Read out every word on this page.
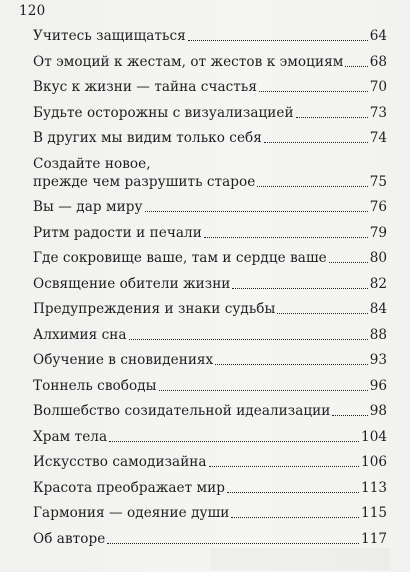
120
Учитесь защищаться	64
От эмоций к жестам, от жестов к эмоциям 68
Вкус к жизни — тайна счастья	70
Будьте осторожны с визуализацией	73
В других мы видим только себя	74
Создайте новое,
прежде чем разрушить старое	75
Вы — дар миру	76
Ритм радости и печали	79
Где сокровище ваше, там и сердце ваше	80
Освящение обители жизни	82
Предупреждения и знаки судьбы	84
Алхимия сна	88
Обучение в сновидениях	93
Тоннель свободы	96
Волшебство созидательной идеализации	98
Храм тела	104
Искусство самодизайна	106
Красота преображает мир	113
Гармония — одеяние души	115
Об авторе	117
